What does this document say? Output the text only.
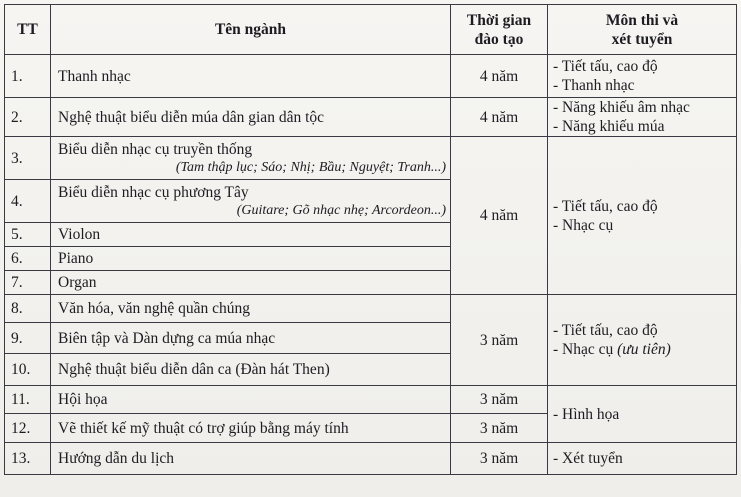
TT	Tên ngành	Thời gian
đào tạo	Môn thi và
xét tuyển

1.	Thanh nhạc	4 năm	- Tiết tấu, cao độ
- Thanh nhạc

2.	Nghệ thuật biểu diễn múa dân gian dân tộc	4 năm	- Năng khiếu âm nhạc
- Năng khiếu múa

3.	Biểu diễn nhạc cụ truyền thống
(Tam thập lục; Sáo; Nhị; Bầu; Nguyệt; Tranh...)	4 năm	- Tiết tấu, cao độ
- Nhạc cụ

4.	Biểu diễn nhạc cụ phương Tây
(Guitare; Gõ nhạc nhẹ; Arcordeon...)		

5.	Violon		
6.	Piano		
7.	Organ		
8.	Văn hóa, văn nghệ quần chúng	3 năm	- Tiết tấu, cao độ
- Nhạc cụ (ưu tiên)

9.	Biên tập và Dàn dựng ca múa nhạc		
10.	Nghệ thuật biểu diễn dân ca (Đàn hát Then)		
11.	Hội họa	3 năm	- Hình họa
12.	Vẽ thiết kế mỹ thuật có trợ giúp bằng máy tính	3 năm	
13.	Hướng dẫn du lịch	3 năm	- Xét tuyển
